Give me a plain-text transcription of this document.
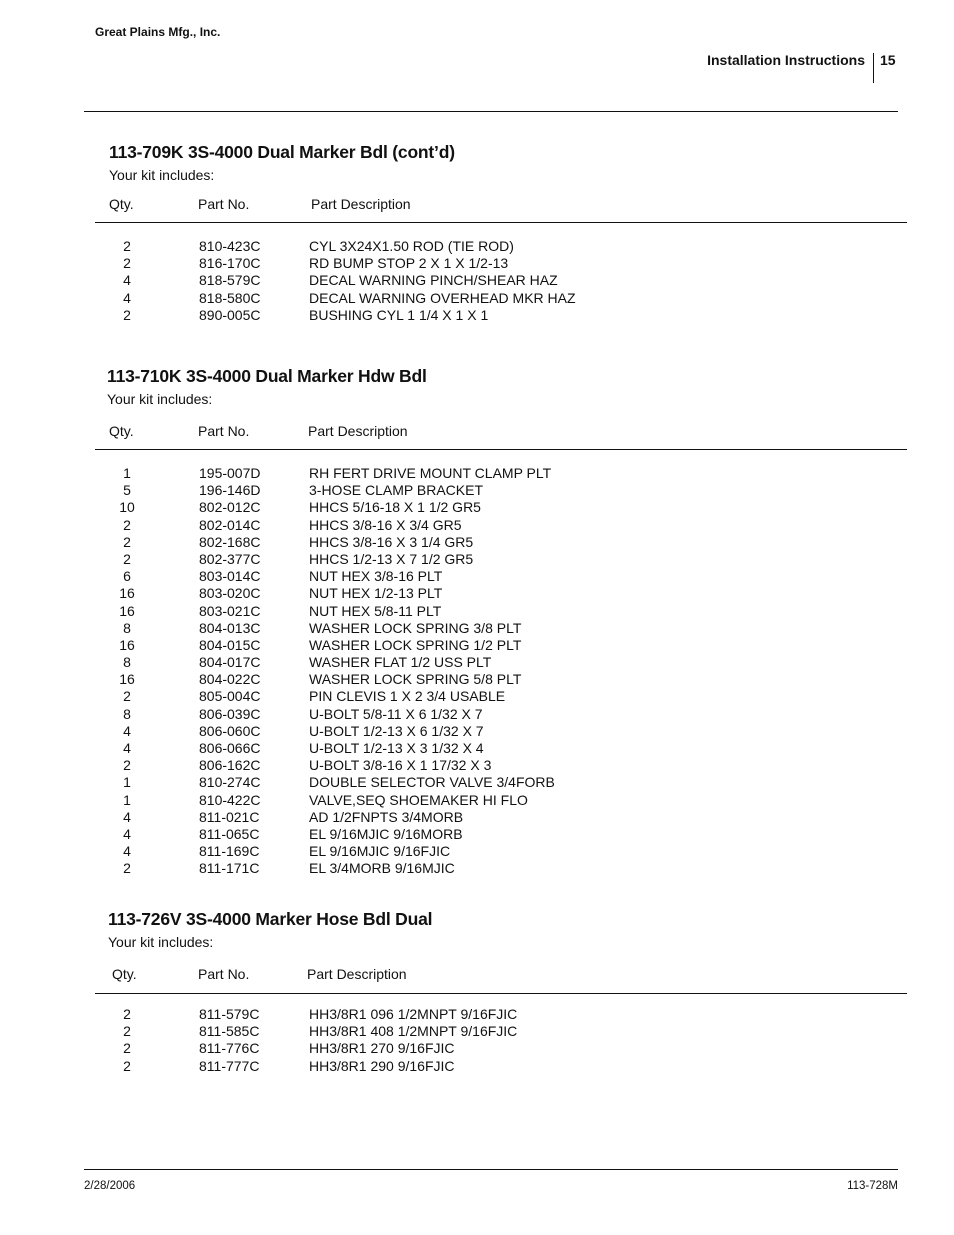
Great Plains Mfg., Inc.
Installation Instructions	15
113-709K 3S-4000 Dual Marker Bdl (cont’d)
Your kit includes:
Qty.	Part No.	Part Description
2	810-423C	CYL 3X24X1.50 ROD (TIE ROD)
2	816-170C	RD BUMP STOP 2 X 1 X 1/2-13
4	818-579C	DECAL WARNING PINCH/SHEAR HAZ
4	818-580C	DECAL WARNING OVERHEAD MKR HAZ
2	890-005C	BUSHING CYL 1 1/4 X 1 X 1
113-710K 3S-4000 Dual Marker Hdw Bdl
Your kit includes:
Qty.	Part No.	Part Description
1	195-007D	RH FERT DRIVE MOUNT CLAMP PLT
5	196-146D	3-HOSE CLAMP BRACKET
10	802-012C	HHCS 5/16-18 X 1 1/2 GR5
2	802-014C	HHCS 3/8-16 X 3/4 GR5
2	802-168C	HHCS 3/8-16 X 3 1/4 GR5
2	802-377C	HHCS 1/2-13 X 7 1/2 GR5
6	803-014C	NUT HEX 3/8-16 PLT
16	803-020C	NUT HEX 1/2-13 PLT
16	803-021C	NUT HEX 5/8-11 PLT
8	804-013C	WASHER LOCK SPRING 3/8 PLT
16	804-015C	WASHER LOCK SPRING 1/2 PLT
8	804-017C	WASHER FLAT 1/2 USS PLT
16	804-022C	WASHER LOCK SPRING 5/8 PLT
2	805-004C	PIN CLEVIS 1 X 2 3/4 USABLE
8	806-039C	U-BOLT 5/8-11 X 6 1/32 X 7
4	806-060C	U-BOLT 1/2-13 X 6 1/32 X 7
4	806-066C	U-BOLT 1/2-13 X 3 1/32 X 4
2	806-162C	U-BOLT 3/8-16 X 1 17/32 X 3
1	810-274C	DOUBLE SELECTOR VALVE 3/4FORB
1	810-422C	VALVE,SEQ SHOEMAKER HI FLO
4	811-021C	AD 1/2FNPTS 3/4MORB
4	811-065C	EL 9/16MJIC 9/16MORB
4	811-169C	EL 9/16MJIC 9/16FJIC
2	811-171C	EL 3/4MORB 9/16MJIC
113-726V 3S-4000 Marker Hose Bdl Dual
Your kit includes:
Qty.	Part No.	Part Description
2	811-579C	HH3/8R1 096 1/2MNPT 9/16FJIC
2	811-585C	HH3/8R1 408 1/2MNPT 9/16FJIC
2	811-776C	HH3/8R1 270 9/16FJIC
2	811-777C	HH3/8R1 290 9/16FJIC
2/28/2006	113-728M
